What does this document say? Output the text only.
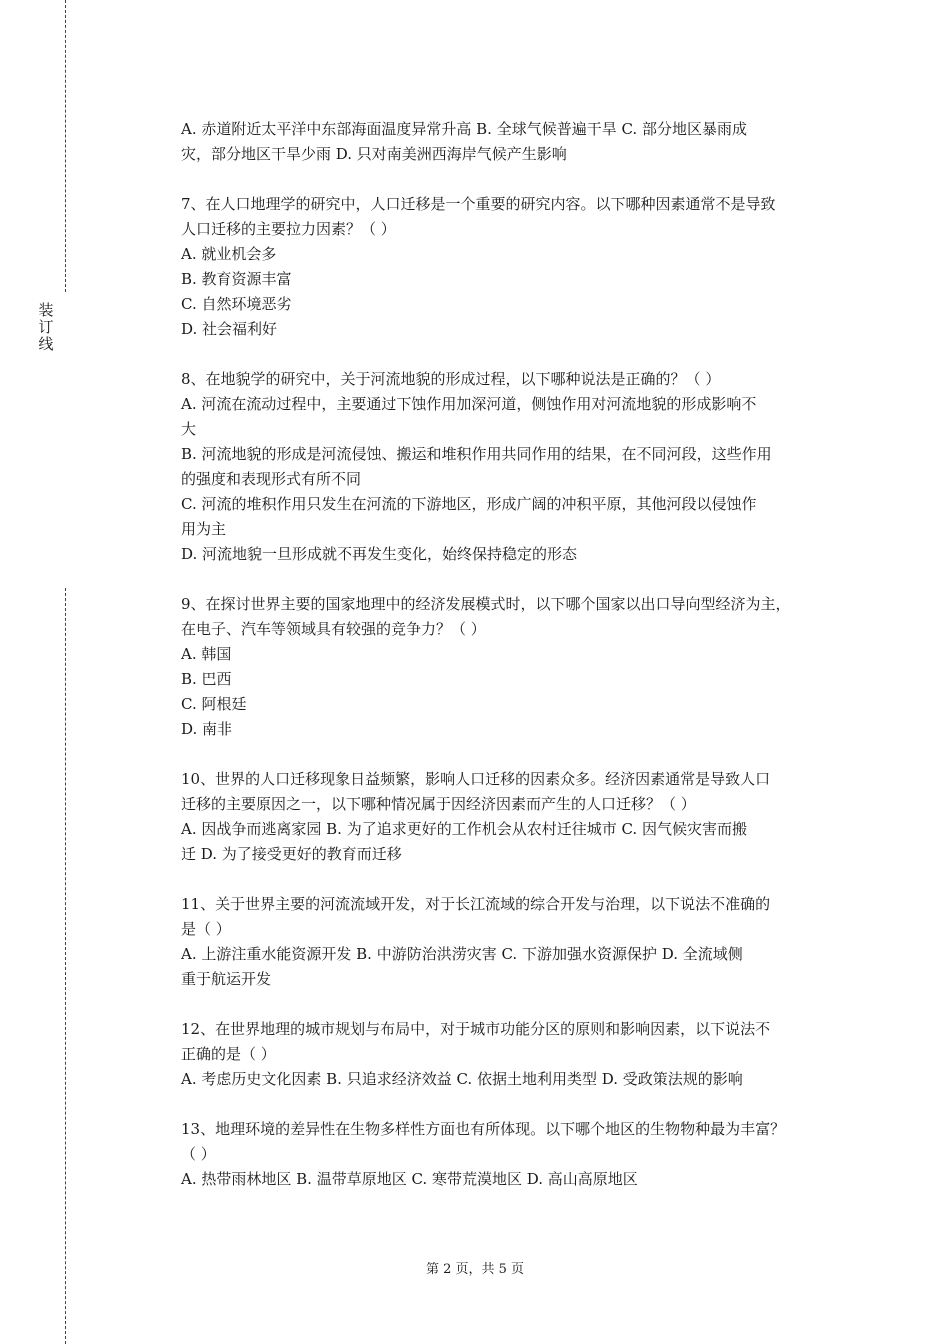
装
订
线

A. 赤道附近太平洋中东部海面温度异常升高 B. 全球气候普遍干旱 C. 部分地区暴雨成

灾，部分地区干旱少雨 D. 只对南美洲西海岸气候产生影响

7、在人口地理学的研究中，人口迁移是一个重要的研究内容。以下哪种因素通常不是导致

人口迁移的主要拉力因素？（ ）

A. 就业机会多

B. 教育资源丰富

C. 自然环境恶劣

D. 社会福利好

8、在地貌学的研究中，关于河流地貌的形成过程，以下哪种说法是正确的？（ ）

A. 河流在流动过程中，主要通过下蚀作用加深河道，侧蚀作用对河流地貌的形成影响不

大

B. 河流地貌的形成是河流侵蚀、搬运和堆积作用共同作用的结果，在不同河段，这些作用

的强度和表现形式有所不同

C. 河流的堆积作用只发生在河流的下游地区，形成广阔的冲积平原，其他河段以侵蚀作

用为主

D. 河流地貌一旦形成就不再发生变化，始终保持稳定的形态

9、在探讨世界主要的国家地理中的经济发展模式时，以下哪个国家以出口导向型经济为主，

在电子、汽车等领域具有较强的竞争力？（ ）

A. 韩国

B. 巴西

C. 阿根廷

D. 南非

10、世界的人口迁移现象日益频繁，影响人口迁移的因素众多。经济因素通常是导致人口

迁移的主要原因之一，以下哪种情况属于因经济因素而产生的人口迁移？（ ）

A. 因战争而逃离家园 B. 为了追求更好的工作机会从农村迁往城市 C. 因气候灾害而搬

迁 D. 为了接受更好的教育而迁移

11、关于世界主要的河流流域开发，对于长江流域的综合开发与治理，以下说法不准确的

是（ ）

A. 上游注重水能资源开发 B. 中游防治洪涝灾害 C. 下游加强水资源保护 D. 全流域侧

重于航运开发

12、在世界地理的城市规划与布局中，对于城市功能分区的原则和影响因素，以下说法不

正确的是（ ）

A. 考虑历史文化因素 B. 只追求经济效益 C. 依据土地利用类型 D. 受政策法规的影响

13、地理环境的差异性在生物多样性方面也有所体现。以下哪个地区的生物物种最为丰富？

（ ）

A. 热带雨林地区 B. 温带草原地区 C. 寒带荒漠地区 D. 高山高原地区

第 2 页，共 5 页
